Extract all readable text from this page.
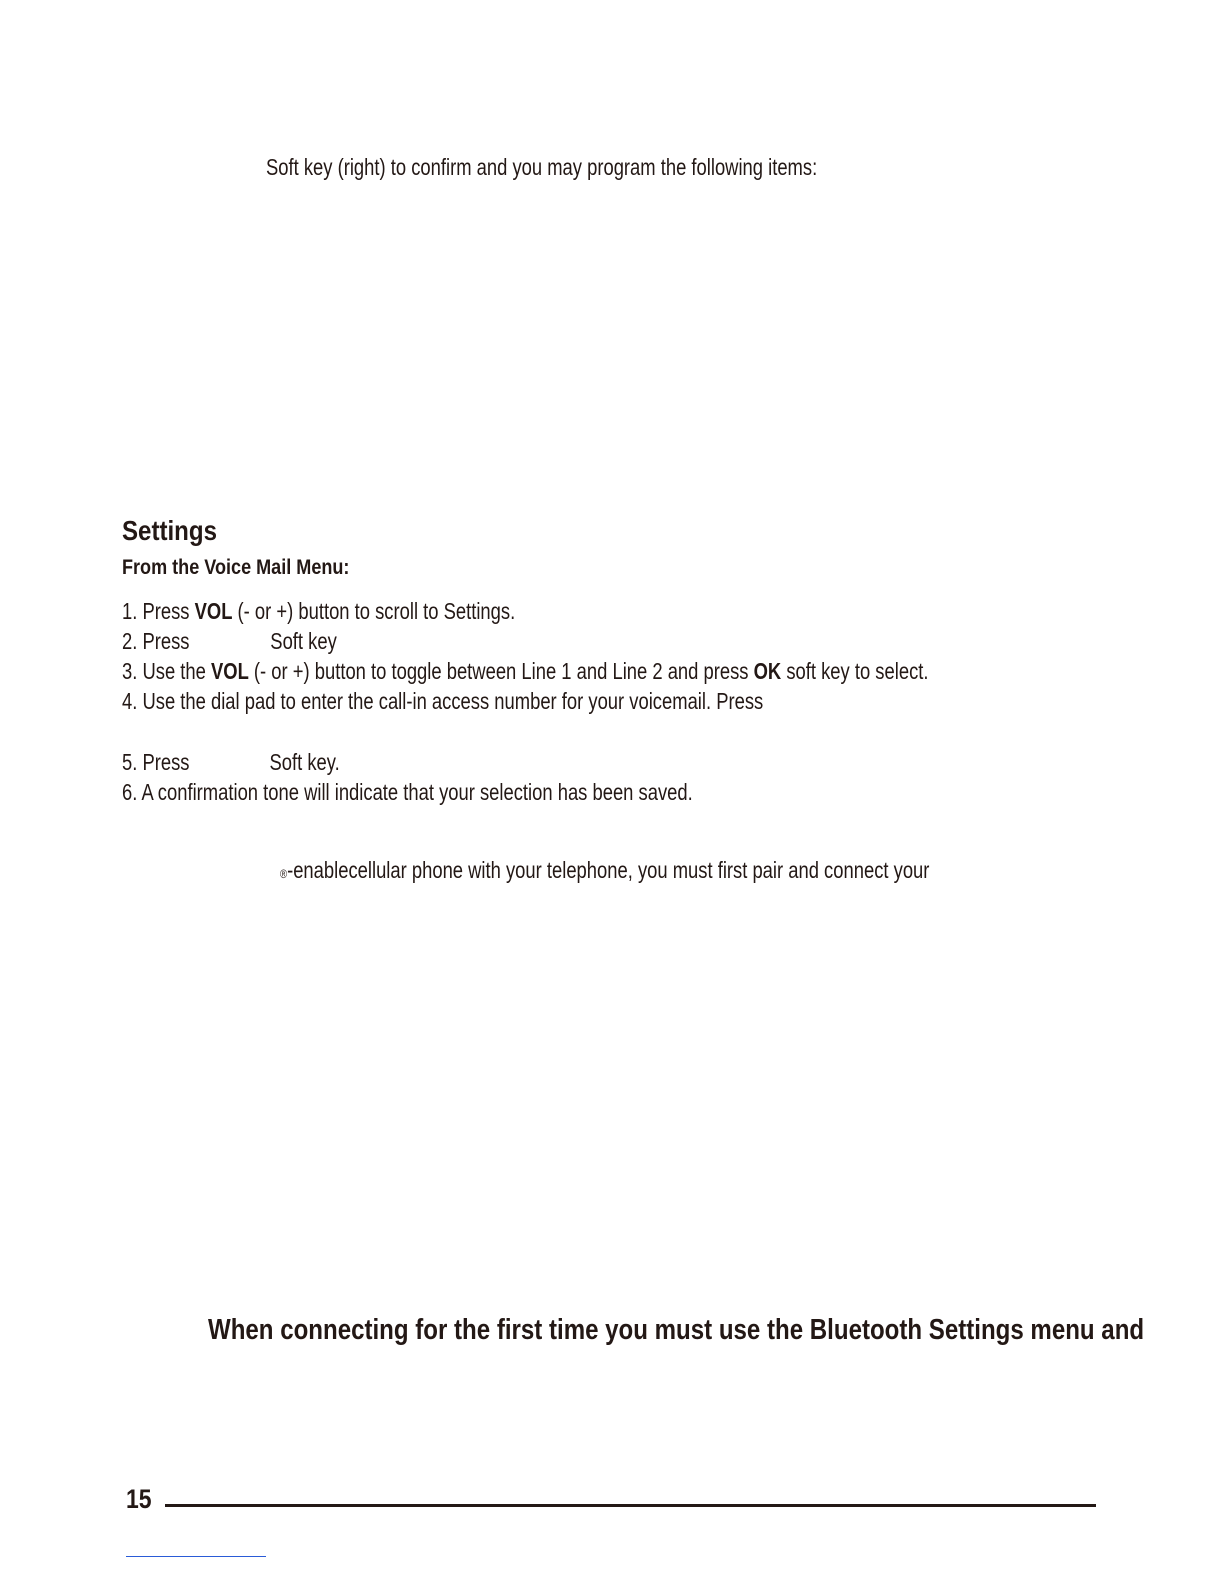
Soft key (right) to confirm and you may program the following items:
Settings
From the Voice Mail Menu:
1. Press VOL (- or +) button to scroll to Settings.
2. Press	Soft key
3. Use the VOL (- or +) button to toggle between Line 1 and Line 2 and press OK soft key to select.
4. Use the dial pad to enter the call-in access number for your voicemail. Press
5. Press	Soft key.
6. A confirmation tone will indicate that your selection has been saved.
®-enablecellular phone with your telephone, you must first pair and connect your
When connecting for the first time you must use the Bluetooth Settings menu and
15
